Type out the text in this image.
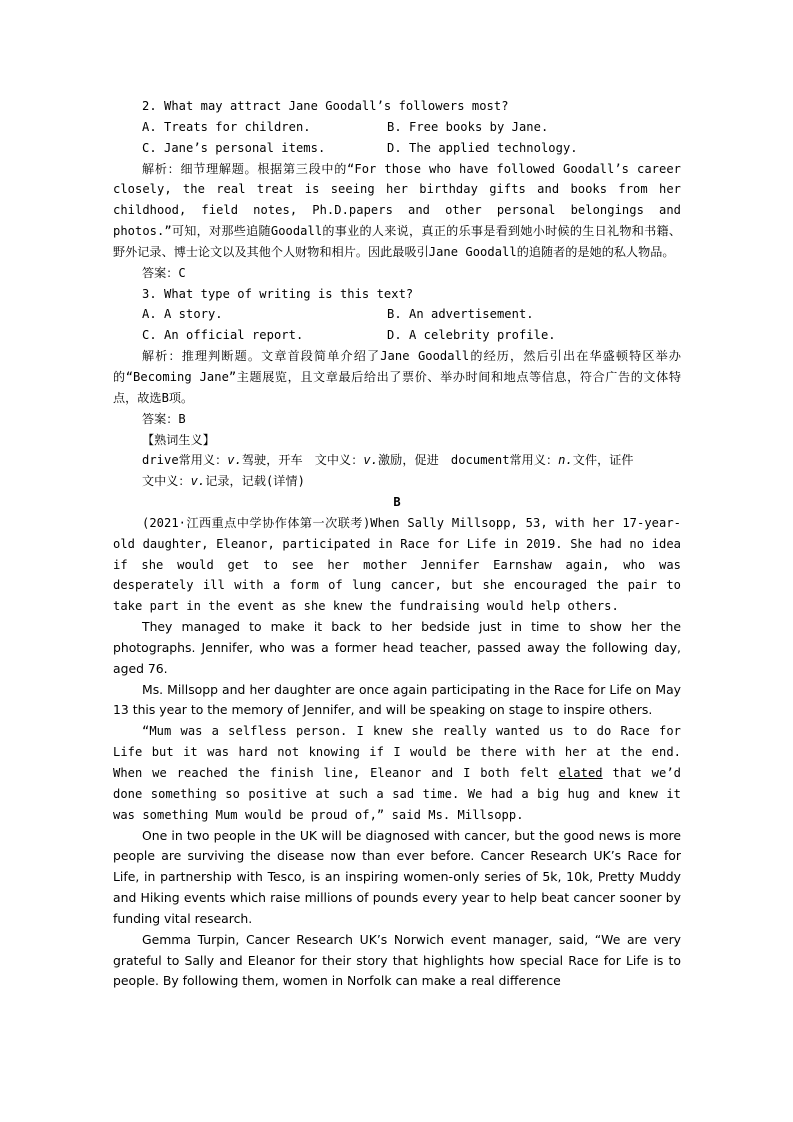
2. What may attract Jane Goodall’s followers most?

A. Treats for children.	B. Free books by Jane.
C. Jane’s personal items.	D. The applied technology.

解析：细节理解题。根据第三段中的“For those who have followed Goodall’s career closely, the real treat is seeing her birthday gifts and books from her childhood, field notes, Ph.D.papers and other personal belongings and photos.”可知，对那些追随Goodall的事业的人来说，真正的乐事是看到她小时候的生日礼物和书籍、野外记录、博士论文以及其他个人财物和相片。因此最吸引Jane Goodall的追随者的是她的私人物品。

答案：C

3. What type of writing is this text?

A. A story.	B. An advertisement.
C. An official report.	D. A celebrity profile.

解析：推理判断题。文章首段简单介绍了Jane Goodall的经历，然后引出在华盛顿特区举办的“Becoming Jane”主题展览，且文章最后给出了票价、举办时间和地点等信息，符合广告的文体特点，故选B项。

答案：B

【熟词生义】

drive常用义：v.驾驶，开车　文中义：v.激励，促进　document常用义：n.文件，证件

文中义：v.记录，记载(详情)

B

(2021·江西重点中学协作体第一次联考)When Sally Millsopp, 53, with her 17-year-old daughter, Eleanor, participated in Race for Life in 2019. She had no idea if she would get to see her mother Jennifer Earnshaw again, who was desperately ill with a form of lung cancer, but she encouraged the pair to take part in the event as she knew the fundraising would help others.

They managed to make it back to her bedside just in time to show her the photographs. Jennifer, who was a former head teacher, passed away the following day, aged 76.

Ms. Millsopp and her daughter are once again participating in the Race for Life on May 13 this year to the memory of Jennifer, and will be speaking on stage to inspire others.

“Mum was a selfless person. I knew she really wanted us to do Race for Life but it was hard not knowing if I would be there with her at the end. When we reached the finish line, Eleanor and I both felt elated that we’d done something so positive at such a sad time. We had a big hug and knew it was something Mum would be proud of,” said Ms. Millsopp.

One in two people in the UK will be diagnosed with cancer, but the good news is more people are surviving the disease now than ever before. Cancer Research UK’s Race for Life, in partnership with Tesco, is an inspiring women-only series of 5k, 10k, Pretty Muddy and Hiking events which raise millions of pounds every year to help beat cancer sooner by funding vital research.

Gemma Turpin, Cancer Research UK’s Norwich event manager, said, “We are very grateful to Sally and Eleanor for their story that highlights how special Race for Life is to people. By following them, women in Norfolk can make a real difference
